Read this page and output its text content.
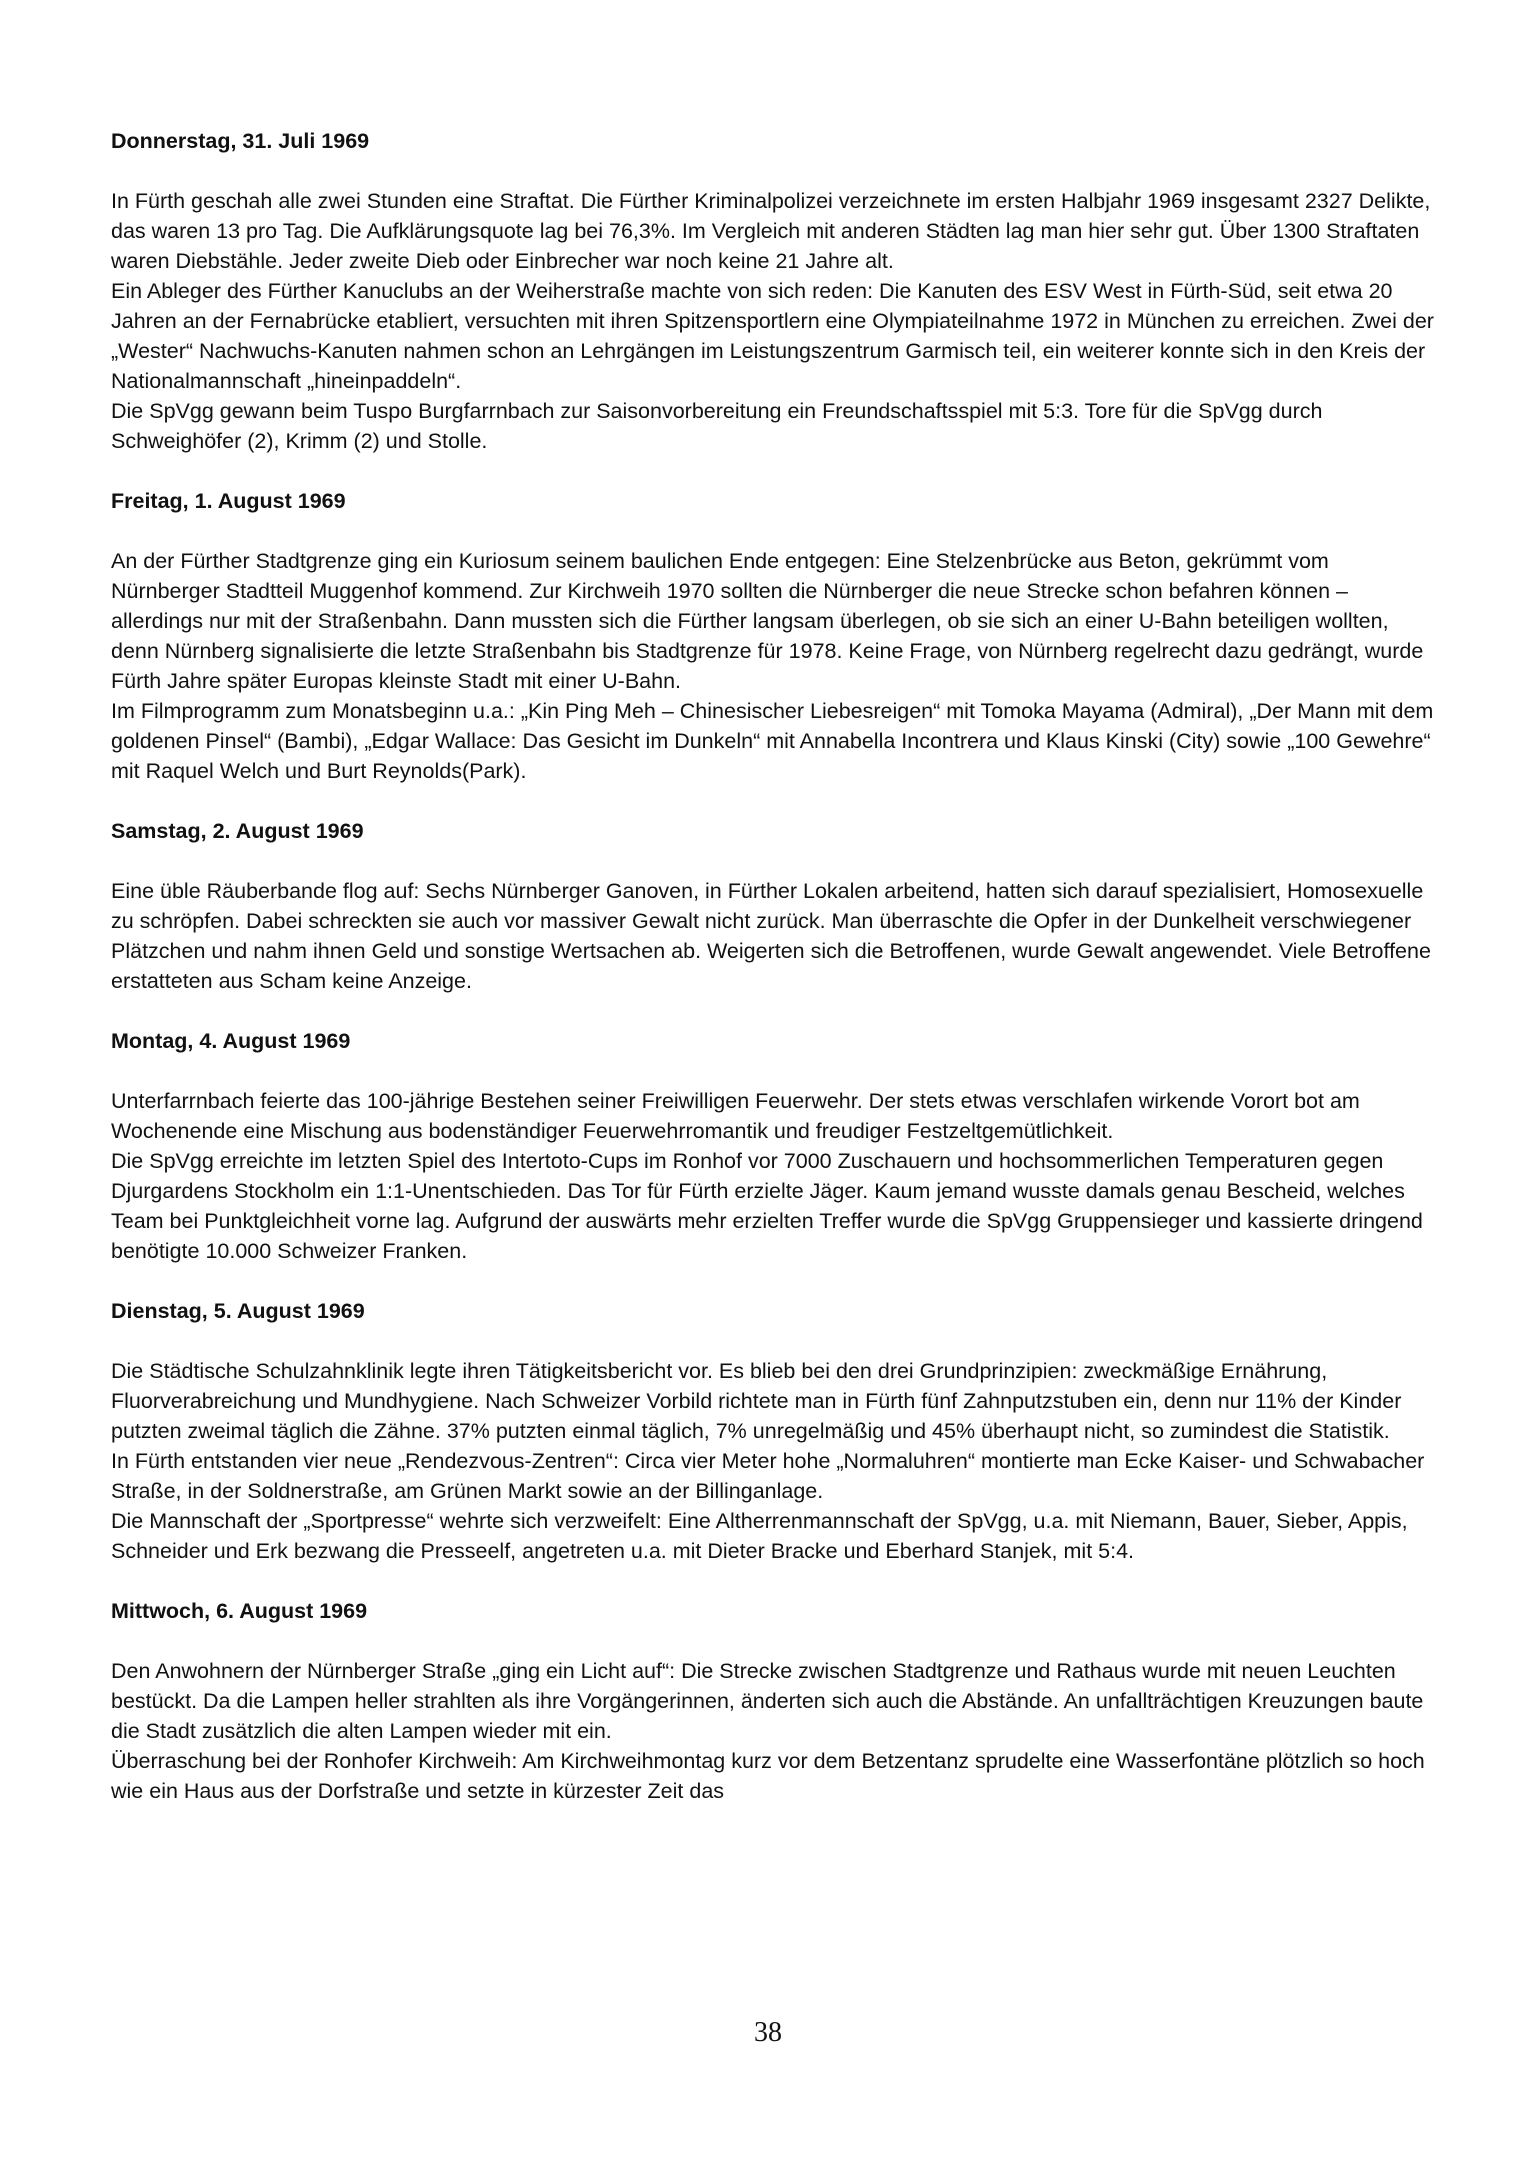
Donnerstag, 31. Juli 1969

In Fürth geschah alle zwei Stunden eine Straftat. Die Fürther Kriminalpolizei verzeichnete im ersten Halbjahr 1969 insgesamt 2327 Delikte, das waren 13 pro Tag. Die Aufklärungsquote lag bei 76,3%. Im Vergleich mit anderen Städten lag man hier sehr gut. Über 1300 Straftaten waren Diebstähle. Jeder zweite Dieb oder Einbrecher war noch keine 21 Jahre alt.

Ein Ableger des Fürther Kanuclubs an der Weiherstraße machte von sich reden: Die Kanuten des ESV West in Fürth-Süd, seit etwa 20 Jahren an der Fernabrücke etabliert, versuchten mit ihren Spitzensportlern eine Olympiateilnahme 1972 in München zu erreichen. Zwei der „Wester“ Nachwuchs-Kanuten nahmen schon an Lehrgängen im Leistungszentrum Garmisch teil, ein weiterer konnte sich in den Kreis der Nationalmannschaft „hineinpaddeln“.

Die SpVgg gewann beim Tuspo Burgfarrnbach zur Saisonvorbereitung ein Freundschaftsspiel mit 5:3. Tore für die SpVgg durch Schweighöfer (2), Krimm (2) und Stolle.

Freitag, 1. August 1969

An der Fürther Stadtgrenze ging ein Kuriosum seinem baulichen Ende entgegen: Eine Stelzenbrücke aus Beton, gekrümmt vom Nürnberger Stadtteil Muggenhof kommend. Zur Kirchweih 1970 sollten die Nürnberger die neue Strecke schon befahren können – allerdings nur mit der Straßenbahn. Dann mussten sich die Fürther langsam überlegen, ob sie sich an einer U-Bahn beteiligen wollten, denn Nürnberg signalisierte die letzte Straßenbahn bis Stadtgrenze für 1978. Keine Frage, von Nürnberg regelrecht dazu gedrängt, wurde Fürth Jahre später Europas kleinste Stadt mit einer U-Bahn.

Im Filmprogramm zum Monatsbeginn u.a.: „Kin Ping Meh – Chinesischer Liebesreigen“ mit Tomoka Mayama (Admiral), „Der Mann mit dem goldenen Pinsel“ (Bambi), „Edgar Wallace: Das Gesicht im Dunkeln“ mit Annabella Incontrera und Klaus Kinski (City) sowie „100 Gewehre“ mit Raquel Welch und Burt Reynolds(Park).

Samstag, 2. August 1969

Eine üble Räuberbande flog auf: Sechs Nürnberger Ganoven, in Fürther Lokalen arbeitend, hatten sich darauf spezialisiert, Homosexuelle zu schröpfen. Dabei schreckten sie auch vor massiver Gewalt nicht zurück. Man überraschte die Opfer in der Dunkelheit verschwiegener Plätzchen und nahm ihnen Geld und sonstige Wertsachen ab. Weigerten sich die Betroffenen, wurde Gewalt angewendet. Viele Betroffene erstatteten aus Scham keine Anzeige.

Montag, 4. August 1969

Unterfarrnbach feierte das 100-jährige Bestehen seiner Freiwilligen Feuerwehr. Der stets etwas verschlafen wirkende Vorort bot am Wochenende eine Mischung aus bodenständiger Feuerwehrromantik und freudiger Festzeltgemütlichkeit.

Die SpVgg erreichte im letzten Spiel des Intertoto-Cups im Ronhof vor 7000 Zuschauern und hochsommerlichen Temperaturen gegen Djurgardens Stockholm ein 1:1-Unentschieden. Das Tor für Fürth erzielte Jäger. Kaum jemand wusste damals genau Bescheid, welches Team bei Punktgleichheit vorne lag. Aufgrund der auswärts mehr erzielten Treffer wurde die SpVgg Gruppensieger und kassierte dringend benötigte 10.000 Schweizer Franken.

Dienstag, 5. August 1969

Die Städtische Schulzahnklinik legte ihren Tätigkeitsbericht vor. Es blieb bei den drei Grundprinzipien: zweckmäßige Ernährung, Fluorverabreichung und Mundhygiene. Nach Schweizer Vorbild richtete man in Fürth fünf Zahnputzstuben ein, denn nur 11% der Kinder putzten zweimal täglich die Zähne. 37% putzten einmal täglich, 7% unregelmäßig und 45% überhaupt nicht, so zumindest die Statistik.

In Fürth entstanden vier neue „Rendezvous-Zentren“: Circa vier Meter hohe „Normaluhren“ montierte man Ecke Kaiser- und Schwabacher Straße, in der Soldnerstraße, am Grünen Markt sowie an der Billinganlage.

Die Mannschaft der „Sportpresse“ wehrte sich verzweifelt: Eine Altherrenmannschaft der SpVgg, u.a. mit Niemann, Bauer, Sieber, Appis, Schneider und Erk bezwang die Presseelf, angetreten u.a. mit Dieter Bracke und Eberhard Stanjek, mit 5:4.

Mittwoch, 6. August 1969

Den Anwohnern der Nürnberger Straße „ging ein Licht auf“: Die Strecke zwischen Stadtgrenze und Rathaus wurde mit neuen Leuchten bestückt. Da die Lampen heller strahlten als ihre Vorgängerinnen, änderten sich auch die Abstände. An unfallträchtigen Kreuzungen baute die Stadt zusätzlich die alten Lampen wieder mit ein.

Überraschung bei der Ronhofer Kirchweih: Am Kirchweihmontag kurz vor dem Betzentanz sprudelte eine Wasserfontäne plötzlich so hoch wie ein Haus aus der Dorfstraße und setzte in kürzester Zeit das

38
